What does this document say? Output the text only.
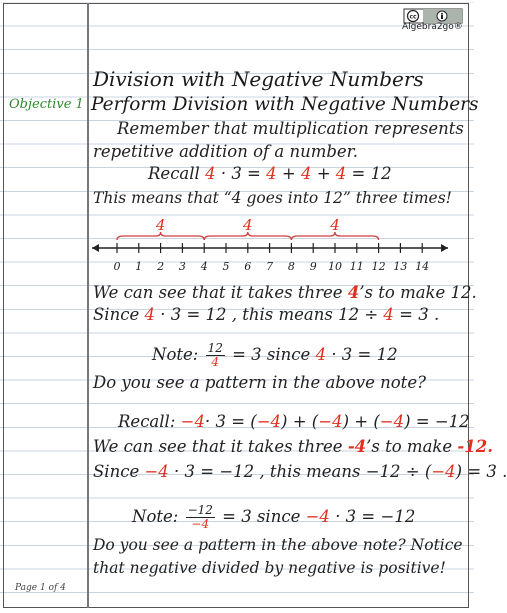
cc
Algebra2go®
Division with Negative Numbers
Objective 1 Perform Division with Negative Numbers
Remember that multiplication represents
repetitive addition of a number.
Recall 4 · 3 = 4 + 4 + 4 = 12
This means that “4 goes into 12” three times!
0 1 2 3 4 5 6 7 8 9 10 11 12 13 14
4	4	4
We can see that it takes three 4’s to make 12.
Since 4 · 3 = 12 , this means 12 ÷ 4 = 3 .
Note: $\frac{12}{4} = 3$ since 4 · 3 = 12
Do you see a pattern in the above note?
Recall: −4· 3 = (−4) + (−4) + (−4) = −12
We can see that it takes three -4’s to make -12.
Since −4 · 3 = −12 , this means −12 ÷ (−4) = 3 .
Note: $\frac{-12}{-4} = 3$ since −4 · 3 = −12
Do you see a pattern in the above note? Notice
that negative divided by negative is positive!
Page 1 of 4
